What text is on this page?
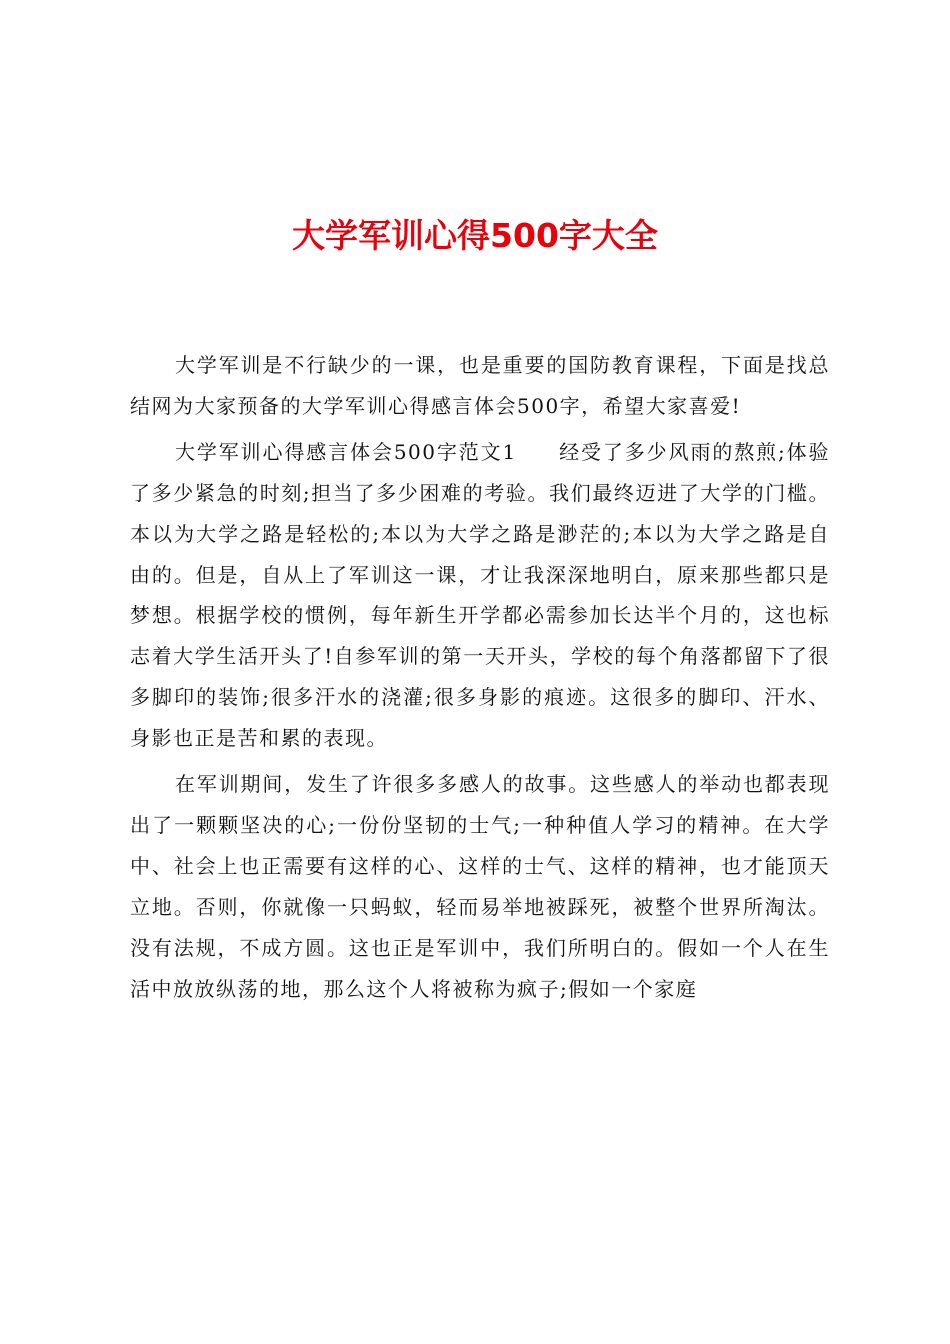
大学军训心得500字大全

大学军训是不行缺少的一课，也是重要的国防教育课程，下面是找总结网为大家预备的大学军训心得感言体会500字，希望大家喜爱!

大学军训心得感言体会500字范文1 经受了多少风雨的熬煎;体验了多少紧急的时刻;担当了多少困难的考验。我们最终迈进了大学的门槛。本以为大学之路是轻松的;本以为大学之路是渺茫的;本以为大学之路是自由的。但是，自从上了军训这一课，才让我深深地明白，原来那些都只是梦想。根据学校的惯例，每年新生开学都必需参加长达半个月的，这也标志着大学生活开头了!自参军训的第一天开头，学校的每个角落都留下了很多脚印的装饰;很多汗水的浇灌;很多身影的痕迹。这很多的脚印、汗水、身影也正是苦和累的表现。

在军训期间，发生了许很多多感人的故事。这些感人的举动也都表现出了一颗颗坚决的心;一份份坚韧的士气;一种种值人学习的精神。在大学中、社会上也正需要有这样的心、这样的士气、这样的精神，也才能顶天立地。否则，你就像一只蚂蚁，轻而易举地被踩死，被整个世界所淘汰。没有法规，不成方圆。这也正是军训中，我们所明白的。假如一个人在生活中放放纵荡的地，那么这个人将被称为疯子;假如一个家庭
